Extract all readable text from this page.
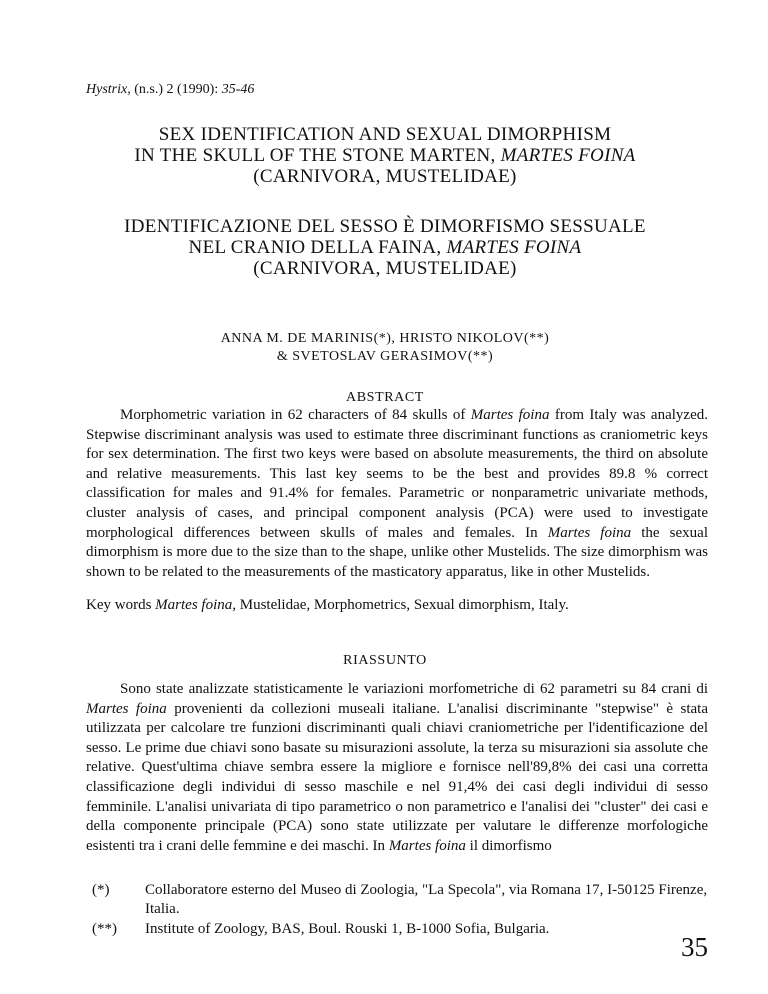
Hystrix, (n.s.) 2 (1990): 35-46
SEX IDENTIFICATION AND SEXUAL DIMORPHISM
IN THE SKULL OF THE STONE MARTEN, MARTES FOINA
(CARNIVORA, MUSTELIDAE)
IDENTIFICAZIONE DEL SESSO È DIMORFISMO SESSUALE
NEL CRANIO DELLA FAINA, MARTES FOINA
(CARNIVORA, MUSTELIDAE)
ANNA M. DE MARINIS(*), HRISTO NIKOLOV(**)
& SVETOSLAV GERASIMOV(**)
ABSTRACT

Morphometric variation in 62 characters of 84 skulls of Martes foina from Italy was analyzed. Stepwise discriminant analysis was used to estimate three discriminant functions as craniometric keys for sex determination. The first two keys were based on absolute measurements, the third on absolute and relative measurements. This last key seems to be the best and provides 89.8 % correct classification for males and 91.4% for females. Parametric or nonparametric univariate methods, cluster analysis of cases, and principal component analysis (PCA) were used to investigate morphological differences between skulls of males and females. In Martes foina the sexual dimorphism is more due to the size than to the shape, unlike other Mustelids. The size dimorphism was shown to be related to the measurements of the masticatory apparatus, like in other Mustelids.

Key words Martes foina, Mustelidae, Morphometrics, Sexual dimorphism, Italy.
RIASSUNTO

Sono state analizzate statisticamente le variazioni morfometriche di 62 parametri su 84 crani di Martes foina provenienti da collezioni museali italiane. L'analisi discriminante "stepwise" è stata utilizzata per calcolare tre funzioni discriminanti quali chiavi craniometriche per l'identificazione del sesso. Le prime due chiavi sono basate su misurazioni assolute, la terza su misurazioni sia assolute che relative. Quest'ultima chiave sembra essere la migliore e fornisce nell'89,8% dei casi una corretta classificazione degli individui di sesso maschile e nel 91,4% dei casi degli individui di sesso femminile. L'analisi univariata di tipo parametrico o non parametrico e l'analisi dei "cluster" dei casi e della componente principale (PCA) sono state utilizzate per valutare le differenze morfologiche esistenti tra i crani delle femmine e dei maschi. In Martes foina il dimorfismo

(*)	Collaboratore esterno del Museo di Zoologia, "La Specola", via Romana 17, I-50125 Firenze, Italia.
(**)	Institute of Zoology, BAS, Boul. Rouski 1, B-1000 Sofia, Bulgaria.
35
